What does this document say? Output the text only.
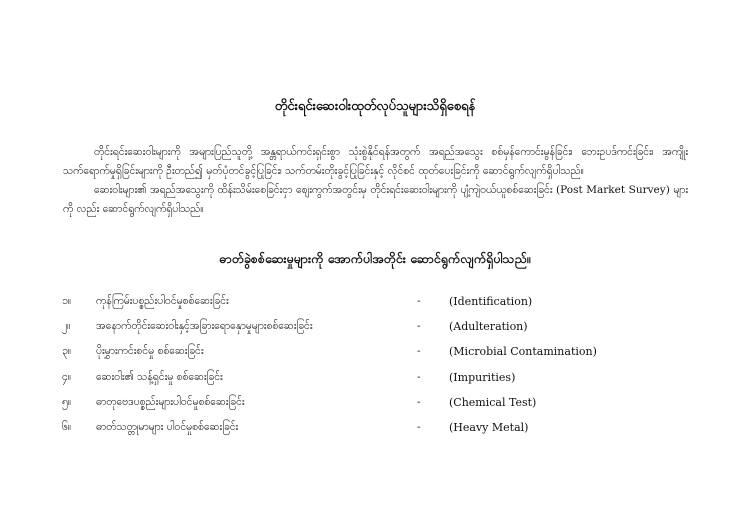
တိုင်းရင်းဆေးဝါးထုတ်လုပ်သူများသိရှိစေရန်

တိုင်းရင်းဆေးဝါးများကို အများပြည်သူတို့ အန္တရာယ်ကင်းရှင်းစွာ သုံးစွဲနိုင်ရန်အတွက် အရည်အသွေး စစ်မှန်ကောင်းမွန်ခြင်း၊ ဘေးဥပဒ်ကင်းခြင်း၊ အကျိုးသက်ရောက်မှုရှိခြင်းများကို ဦးတည်၍ မှတ်ပုံတင်ခွင့်ပြုခြင်း၊ သက်တမ်းတိုးခွင့်ပြုခြင်းနှင့် လိုင်စင် ထုတ်ပေးခြင်းကို ဆောင်ရွက်လျက်ရှိပါသည်။

ဆေးဝါးများ၏ အရည်အသွေးကို ထိန်းသိမ်းစေခြင်းငှာ စျေးကွက်အတွင်းမှ တိုင်းရင်းဆေးဝါးများကို ပျံ့ကျဲဝယ်ယူစစ်ဆေးခြင်း (Post Market Survey) များကို လည်း ဆောင်ရွက်လျက်ရှိပါသည်။

ဓာတ်ခွဲစစ်ဆေးမှုများကို အောက်ပါအတိုင်း ဆောင်ရွက်လျက်ရှိပါသည်။
၁။ ကုန်ကြမ်းပစ္စည်းပါဝင်မှုစစ်ဆေးခြင်း	-	(Identification)
၂။ အနောက်တိုင်းဆေးဝါးနှင့်အခြားရောနှောမှုများစစ်ဆေးခြင်း	-	(Adulteration)
၃။ ပိုးမွှားကင်းစင်မှု စစ်ဆေးခြင်း	-	(Microbial Contamination)
၄။ ဆေးဝါး၏ သန့်ရှင်းမှု စစ်ဆေးခြင်း	-	(Impurities)
၅။ ဓာတုဗေဒပစ္စည်းများပါဝင်မှုစစ်ဆေးခြင်း	-	(Chemical Test)
၆။ ဓာတ်သတ္တုမာများ ပါဝင်မှုစစ်ဆေးခြင်း	-	(Heavy Metal)
